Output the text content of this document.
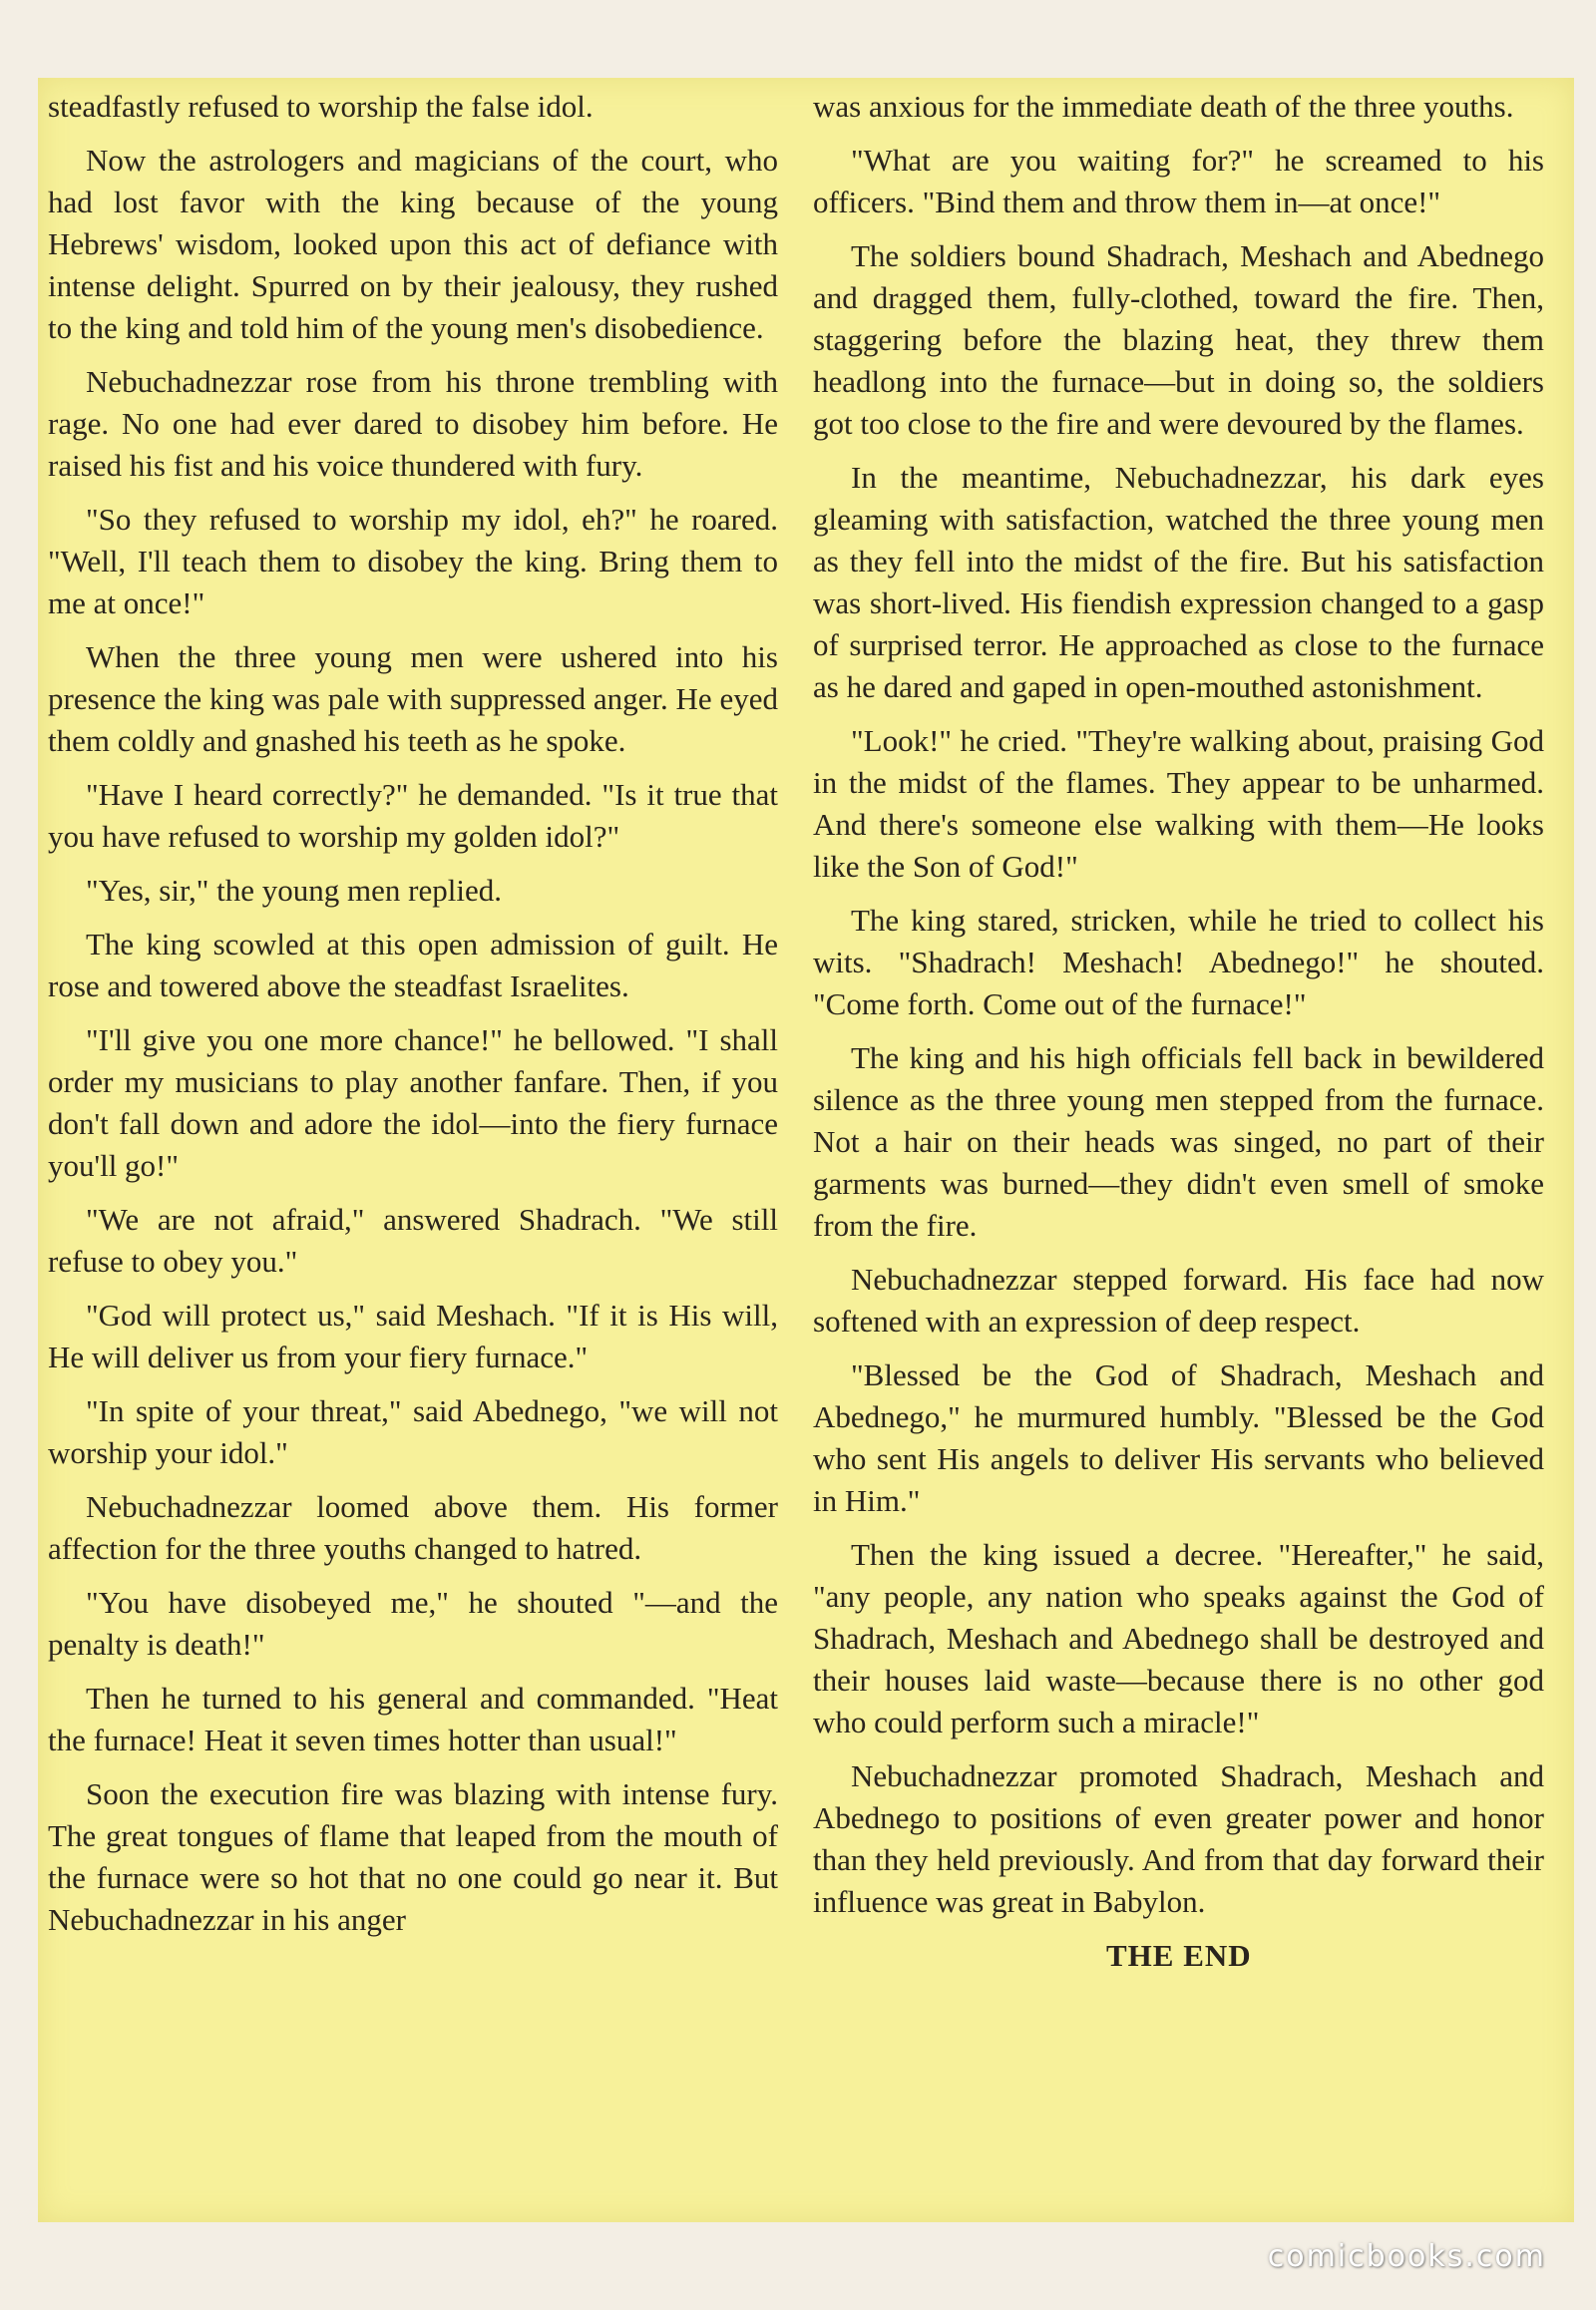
steadfastly refused to worship the false idol.

Now the astrologers and magicians of the court, who had lost favor with the king because of the young Hebrews' wisdom, looked upon this act of defiance with intense delight. Spurred on by their jealousy, they rushed to the king and told him of the young men's disobedience.

Nebuchadnezzar rose from his throne trembling with rage. No one had ever dared to disobey him before. He raised his fist and his voice thundered with fury.

"So they refused to worship my idol, eh?" he roared. "Well, I'll teach them to disobey the king. Bring them to me at once!"

When the three young men were ushered into his presence the king was pale with suppressed anger. He eyed them coldly and gnashed his teeth as he spoke.

"Have I heard correctly?" he demanded. "Is it true that you have refused to worship my golden idol?"

"Yes, sir," the young men replied.

The king scowled at this open admission of guilt. He rose and towered above the steadfast Israelites.

"I'll give you one more chance!" he bellowed. "I shall order my musicians to play another fanfare. Then, if you don't fall down and adore the idol—into the fiery furnace you'll go!"

"We are not afraid," answered Shadrach. "We still refuse to obey you."

"God will protect us," said Meshach. "If it is His will, He will deliver us from your fiery furnace."

"In spite of your threat," said Abednego, "we will not worship your idol."

Nebuchadnezzar loomed above them. His former affection for the three youths changed to hatred.

"You have disobeyed me," he shouted "—and the penalty is death!"

Then he turned to his general and commanded. "Heat the furnace! Heat it seven times hotter than usual!"

Soon the execution fire was blazing with intense fury. The great tongues of flame that leaped from the mouth of the furnace were so hot that no one could go near it. But Nebuchadnezzar in his anger

was anxious for the immediate death of the three youths.

"What are you waiting for?" he screamed to his officers. "Bind them and throw them in—at once!"

The soldiers bound Shadrach, Meshach and Abednego and dragged them, fully-clothed, toward the fire. Then, staggering before the blazing heat, they threw them headlong into the furnace—but in doing so, the soldiers got too close to the fire and were devoured by the flames.

In the meantime, Nebuchadnezzar, his dark eyes gleaming with satisfaction, watched the three young men as they fell into the midst of the fire. But his satisfaction was short-lived. His fiendish expression changed to a gasp of surprised terror. He approached as close to the furnace as he dared and gaped in open-mouthed astonishment.

"Look!" he cried. "They're walking about, praising God in the midst of the flames. They appear to be unharmed. And there's someone else walking with them—He looks like the Son of God!"

The king stared, stricken, while he tried to collect his wits. "Shadrach! Meshach! Abednego!" he shouted. "Come forth. Come out of the furnace!"

The king and his high officials fell back in bewildered silence as the three young men stepped from the furnace. Not a hair on their heads was singed, no part of their garments was burned—they didn't even smell of smoke from the fire.

Nebuchadnezzar stepped forward. His face had now softened with an expression of deep respect.

"Blessed be the God of Shadrach, Meshach and Abednego," he murmured humbly. "Blessed be the God who sent His angels to deliver His servants who believed in Him."

Then the king issued a decree. "Hereafter," he said, "any people, any nation who speaks against the God of Shadrach, Meshach and Abednego shall be destroyed and their houses laid waste—because there is no other god who could perform such a miracle!"

Nebuchadnezzar promoted Shadrach, Meshach and Abednego to positions of even greater power and honor than they held previously. And from that day forward their influence was great in Babylon.

THE END

comicbooks.com
